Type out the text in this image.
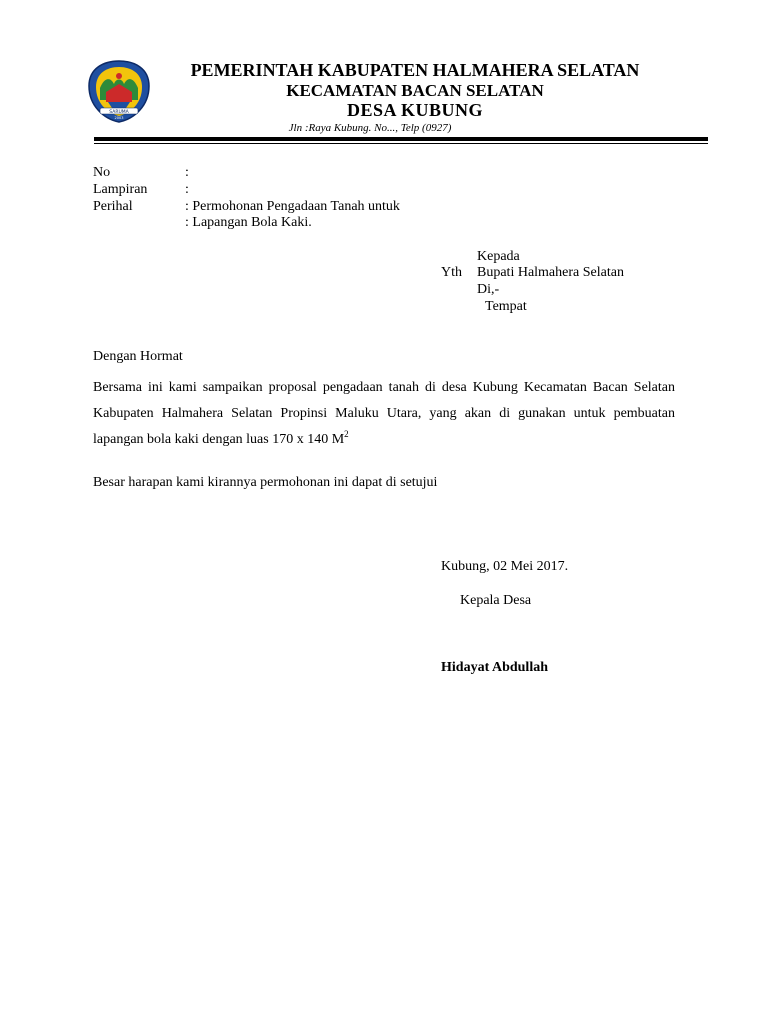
SARUMA
2003
PEMERINTAH KABUPATEN HALMAHERA SELATAN
KECAMATAN BACAN SELATAN
DESA KUBUNG
Jln :Raya Kubung. No..., Telp (0927)
No	:
Lampiran	:
Perihal	: Permohonan Pengadaan Tanah untuk
: Lapangan Bola Kaki.
Kepada
Yth Bupati Halmahera Selatan
Di,-
Tempat
Dengan Hormat
Bersama ini kami sampaikan proposal pengadaan tanah di desa Kubung Kecamatan Bacan Selatan Kabupaten Halmahera Selatan Propinsi Maluku Utara, yang akan di gunakan untuk pembuatan lapangan bola kaki dengan luas 170 x 140 $M^2$
Besar harapan kami kirannya permohonan ini dapat di setujui
Kubung, 02 Mei 2017.
Kepala Desa
Hidayat Abdullah
